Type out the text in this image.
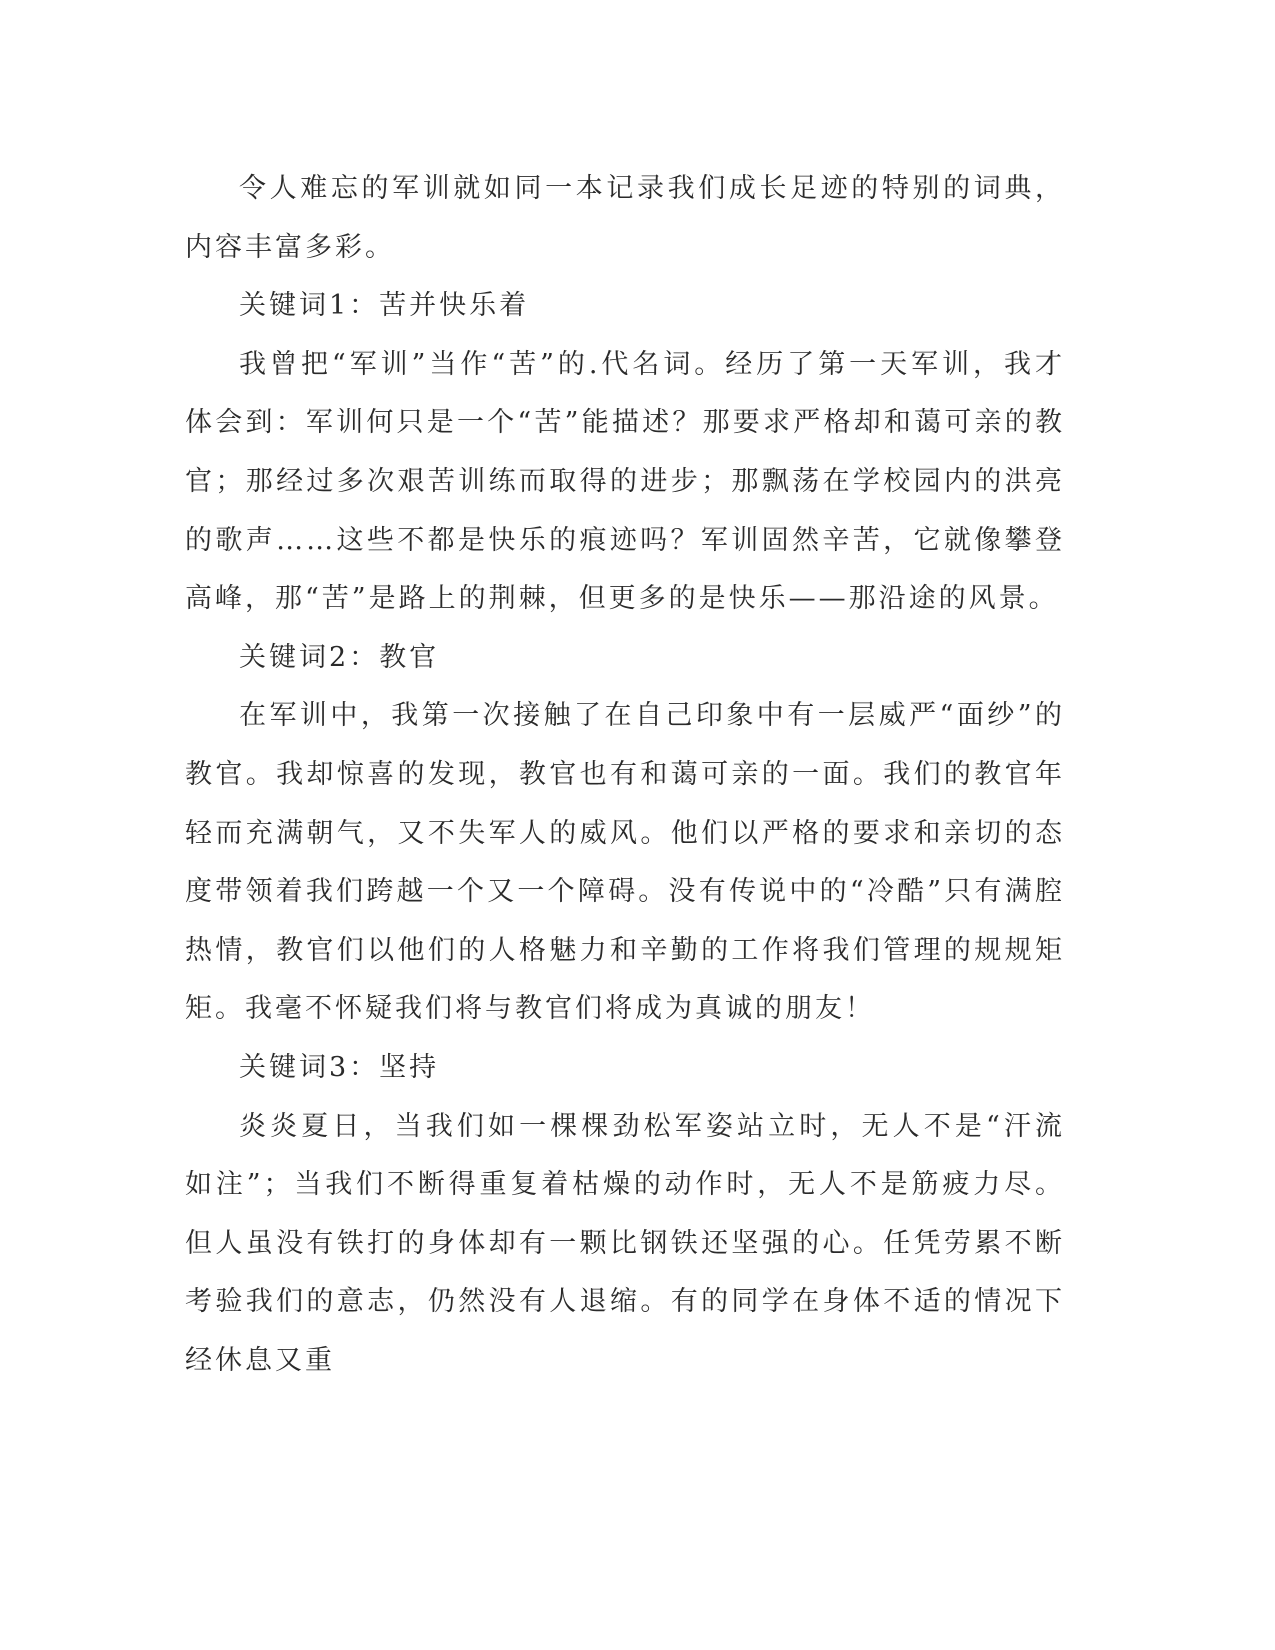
令人难忘的军训就如同一本记录我们成长足迹的特别的词典，内容丰富多彩。

关键词1：苦并快乐着

我曾把“军训”当作“苦”的.代名词。经历了第一天军训，我才体会到：军训何只是一个“苦”能描述？那要求严格却和蔼可亲的教官；那经过多次艰苦训练而取得的进步；那飘荡在学校园内的洪亮的歌声……这些不都是快乐的痕迹吗？军训固然辛苦，它就像攀登高峰，那“苦”是路上的荆棘，但更多的是快乐——那沿途的风景。

关键词2：教官

在军训中，我第一次接触了在自己印象中有一层威严“面纱”的教官。我却惊喜的发现，教官也有和蔼可亲的一面。我们的教官年轻而充满朝气，又不失军人的威风。他们以严格的要求和亲切的态度带领着我们跨越一个又一个障碍。没有传说中的“冷酷”只有满腔热情，教官们以他们的人格魅力和辛勤的工作将我们管理的规规矩矩。我毫不怀疑我们将与教官们将成为真诚的朋友！

关键词3：坚持

炎炎夏日，当我们如一棵棵劲松军姿站立时，无人不是“汗流如注”；当我们不断得重复着枯燥的动作时，无人不是筋疲力尽。但人虽没有铁打的身体却有一颗比钢铁还坚强的心。任凭劳累不断考验我们的意志，仍然没有人退缩。有的同学在身体不适的情况下经休息又重
